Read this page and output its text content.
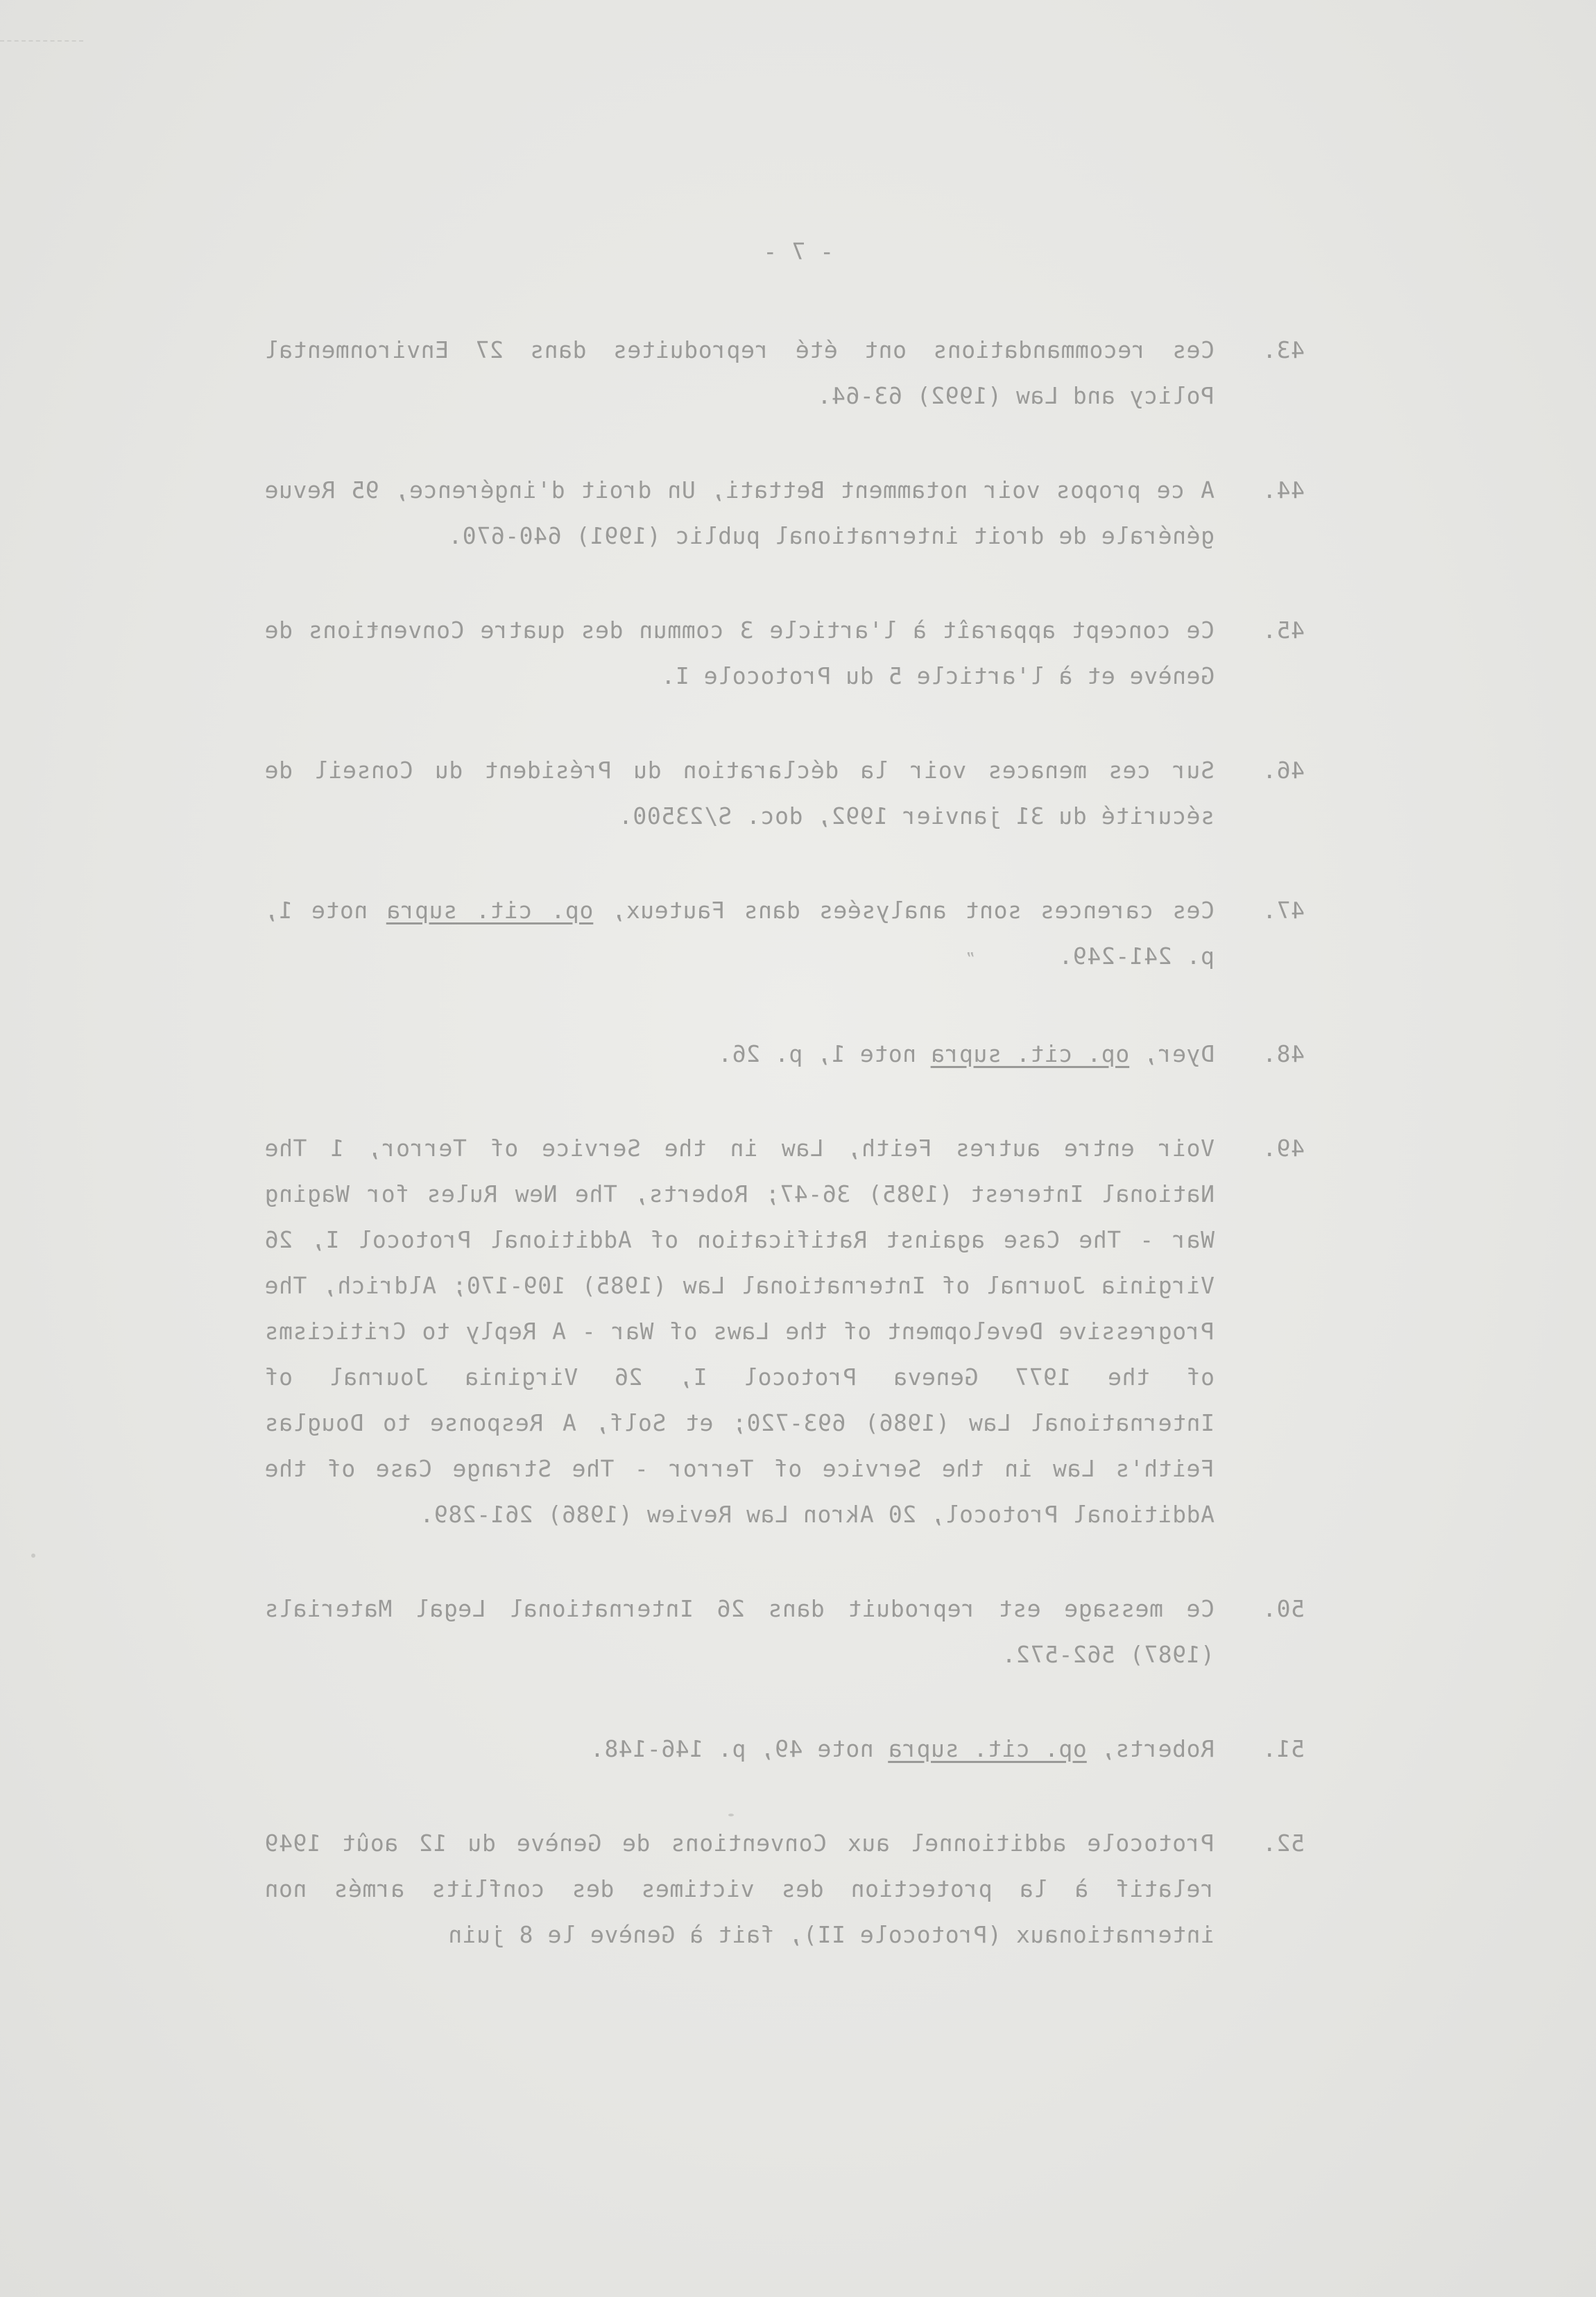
- 7 -
43.
Ces recommandations ont été reproduites dans 27 Environmental Policy and Law (1992) 63-64.
44.
A ce propos voir notamment Bettati, Un droit d'ingérence, 95 Revue générale de droit international public (1991) 640-670.
45.
Ce concept apparaît à l'article 3 commun des quatre Conventions de Genève et à l'article 5 du Protocole I.
46.
Sur ces menaces voir la déclaration du Président du Conseil de sécurité du 31 janvier 1992, doc. S/23500.
47.
Ces carences sont analysées dans Fauteux, op. cit. supra note 1, p. 241-249.”
48.
Dyer, op. cit. supra note 1, p. 26.
49.
Voir entre autres Feith, Law in the Service of Terror, 1 The National Interest (1985) 36-47; Roberts, The New Rules for Waging War - The Case against Ratification of Additional Protocol I, 26 Virginia Journal of International Law (1985) 109-170; Aldrich, The Progressive Development of the Laws of War - A Reply to Criticisms of the 1977 Geneva Protocol I, 26 Virginia Journal of International Law (1986) 693-720; et Solf, A Response to Douglas Feith's Law in the Service of Terror - The Strange Case of the Additional Protocol, 20 Akron Law Review (1986) 261-289.
50.
Ce message est reproduit dans 26 International Legal Materials (1987) 562-572.
51.
Roberts, op. cit. supra note 49, p. 146-148.
52.
Protocole additionnel aux Conventions de Genève du 12 août 1949 relatif à la protection des victimes des conflits armés non internationaux (Protocole II), fait à Genève le 8 juin
